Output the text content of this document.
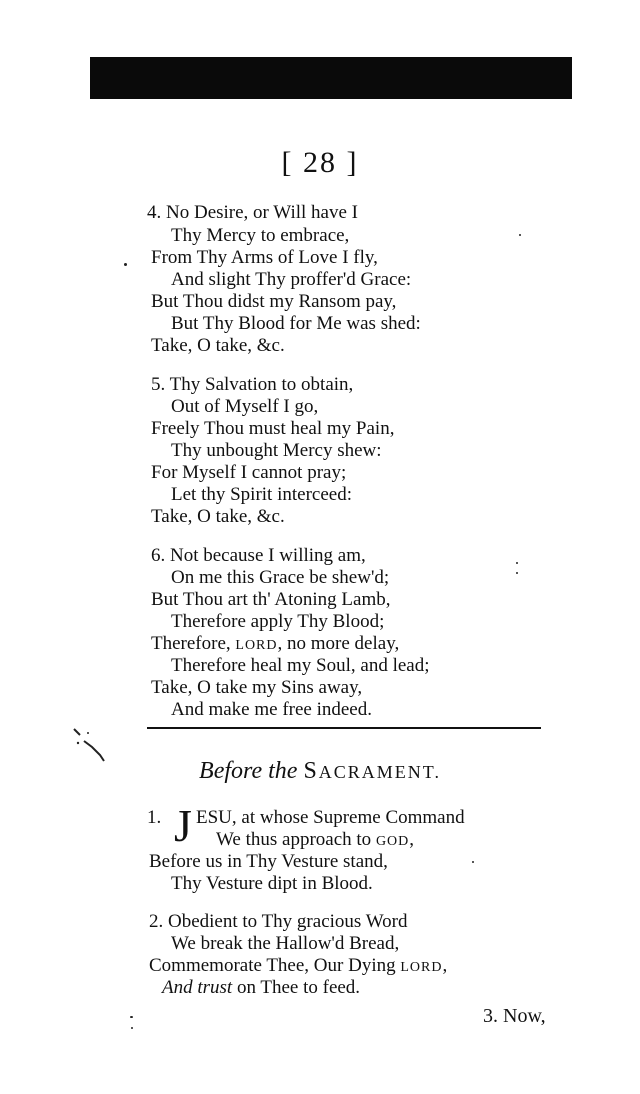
[ 28 ]
4. No Desire, or Will have I
Thy Mercy to embrace,
From Thy Arms of Love I fly,
And slight Thy proffer'd Grace:
But Thou didst my Ransom pay,
But Thy Blood for Me was shed:
Take, O take, &c.
5. Thy Salvation to obtain,
Out of Myself I go,
Freely Thou must heal my Pain,
Thy unbought Mercy shew:
For Myself I cannot pray;
Let thy Spirit interceed:
Take, O take, &c.
6. Not because I willing am,
On me this Grace be shew'd;
But Thou art th' Atoning Lamb,
Therefore apply Thy Blood;
Therefore, LORD, no more delay,
Therefore heal my Soul, and lead;
Take, O take my Sins away,
And make me free indeed.
Before the SACRAMENT.
1. J ESU, at whose Supreme Command
We thus approach to GOD,
Before us in Thy Vesture stand,
Thy Vesture dipt in Blood.
2. Obedient to Thy gracious Word
We break the Hallow'd Bread,
Commemorate Thee, Our Dying LORD,
And trust on Thee to feed.
3. Now,
